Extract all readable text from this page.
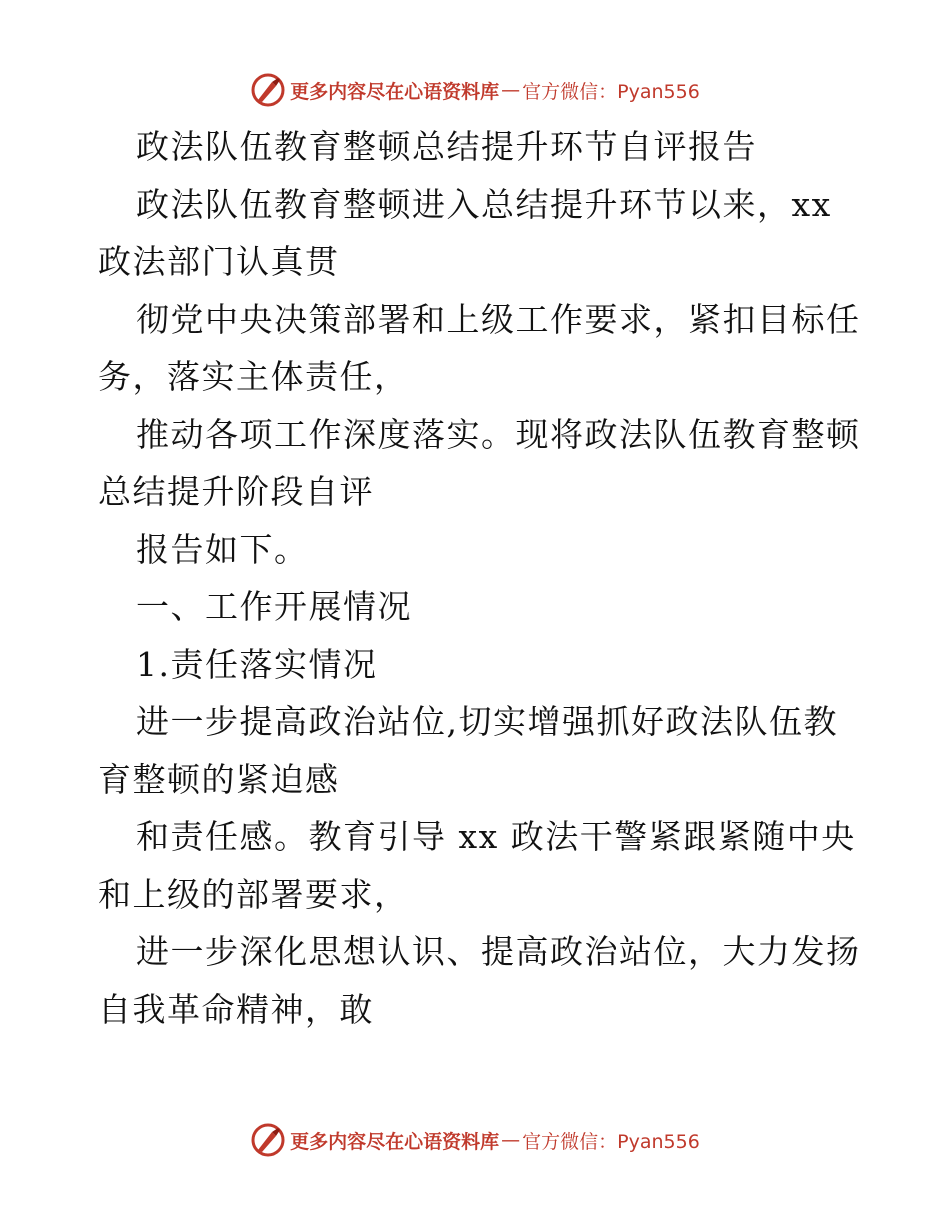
更多内容尽在心语资料库 — 官方微信：Pyan556
政法队伍教育整顿总结提升环节自评报告
政法队伍教育整顿进入总结提升环节以来，xx
政法部门认真贯
彻党中央决策部署和上级工作要求，紧扣目标任
务，落实主体责任，
推动各项工作深度落实。现将政法队伍教育整顿
总结提升阶段自评
报告如下。
一、工作开展情况
1.责任落实情况
进一步提高政治站位,切实增强抓好政法队伍教
育整顿的紧迫感
和责任感。教育引导 xx 政法干警紧跟紧随中央
和上级的部署要求，
进一步深化思想认识、提高政治站位，大力发扬
自我革命精神，敢
更多内容尽在心语资料库 — 官方微信：Pyan556
